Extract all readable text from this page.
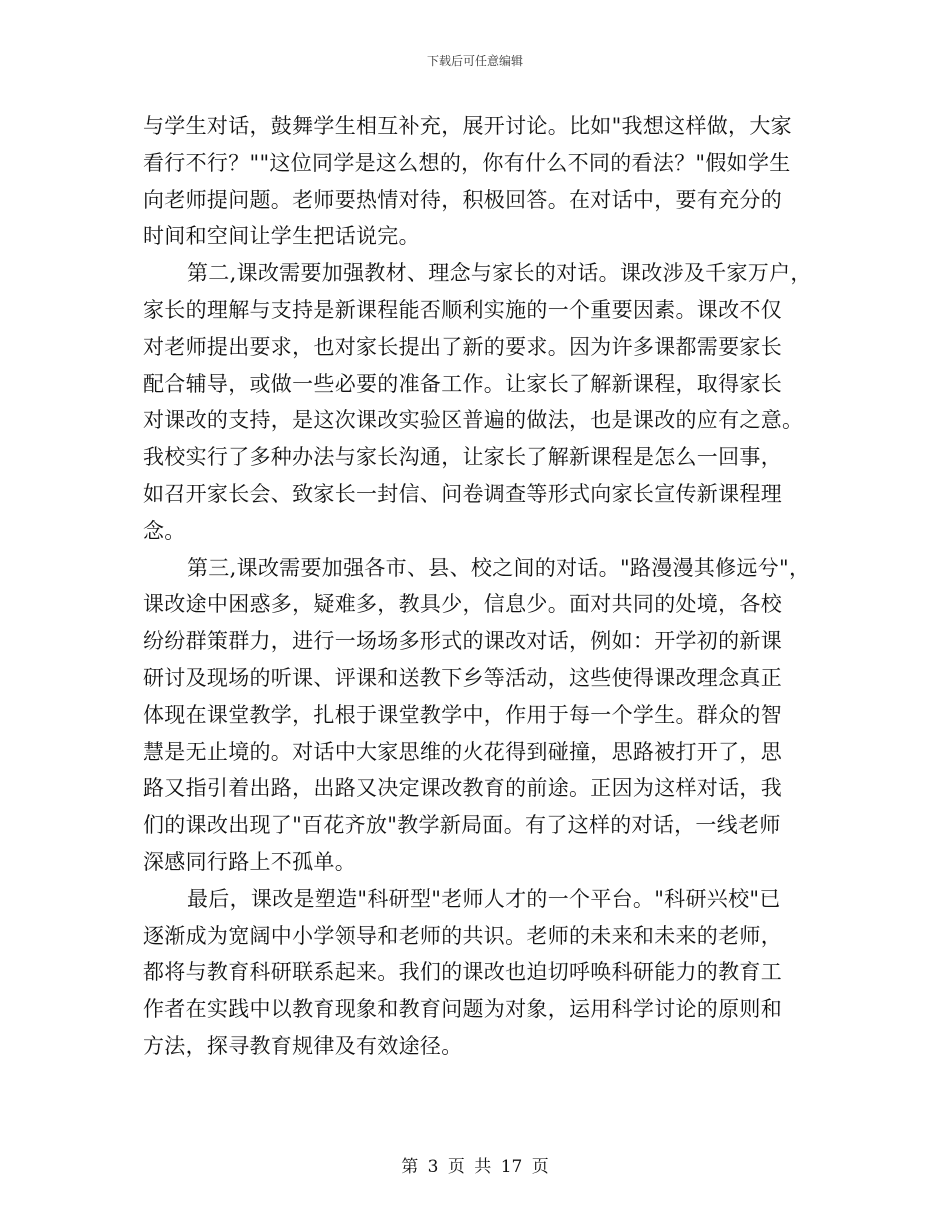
下载后可任意编辑
与学生对话，鼓舞学生相互补充，展开讨论。比如"我想这样做，大家
看行不行？""这位同学是这么想的，你有什么不同的看法？"假如学生
向老师提问题。老师要热情对待，积极回答。在对话中，要有充分的
时间和空间让学生把话说完。
第二,课改需要加强教材、理念与家长的对话。课改涉及千家万户，
家长的理解与支持是新课程能否顺利实施的一个重要因素。课改不仅
对老师提出要求，也对家长提出了新的要求。因为许多课都需要家长
配合辅导，或做一些必要的准备工作。让家长了解新课程，取得家长
对课改的支持，是这次课改实验区普遍的做法，也是课改的应有之意。
我校实行了多种办法与家长沟通，让家长了解新课程是怎么一回事，
如召开家长会、致家长一封信、问卷调查等形式向家长宣传新课程理
念。
第三,课改需要加强各市、县、校之间的对话。"路漫漫其修远兮"，
课改途中困惑多，疑难多，教具少，信息少。面对共同的处境，各校
纷纷群策群力，进行一场场多形式的课改对话，例如：开学初的新课
研讨及现场的听课、评课和送教下乡等活动，这些使得课改理念真正
体现在课堂教学，扎根于课堂教学中，作用于每一个学生。群众的智
慧是无止境的。对话中大家思维的火花得到碰撞，思路被打开了，思
路又指引着出路，出路又决定课改教育的前途。正因为这样对话，我
们的课改出现了"百花齐放"教学新局面。有了这样的对话，一线老师
深感同行路上不孤单。
最后，课改是塑造"科研型"老师人才的一个平台。"科研兴校"已
逐渐成为宽阔中小学领导和老师的共识。老师的未来和未来的老师，
都将与教育科研联系起来。我们的课改也迫切呼唤科研能力的教育工
作者在实践中以教育现象和教育问题为对象，运用科学讨论的原则和
方法，探寻教育规律及有效途径。
第 3 页 共 17 页
